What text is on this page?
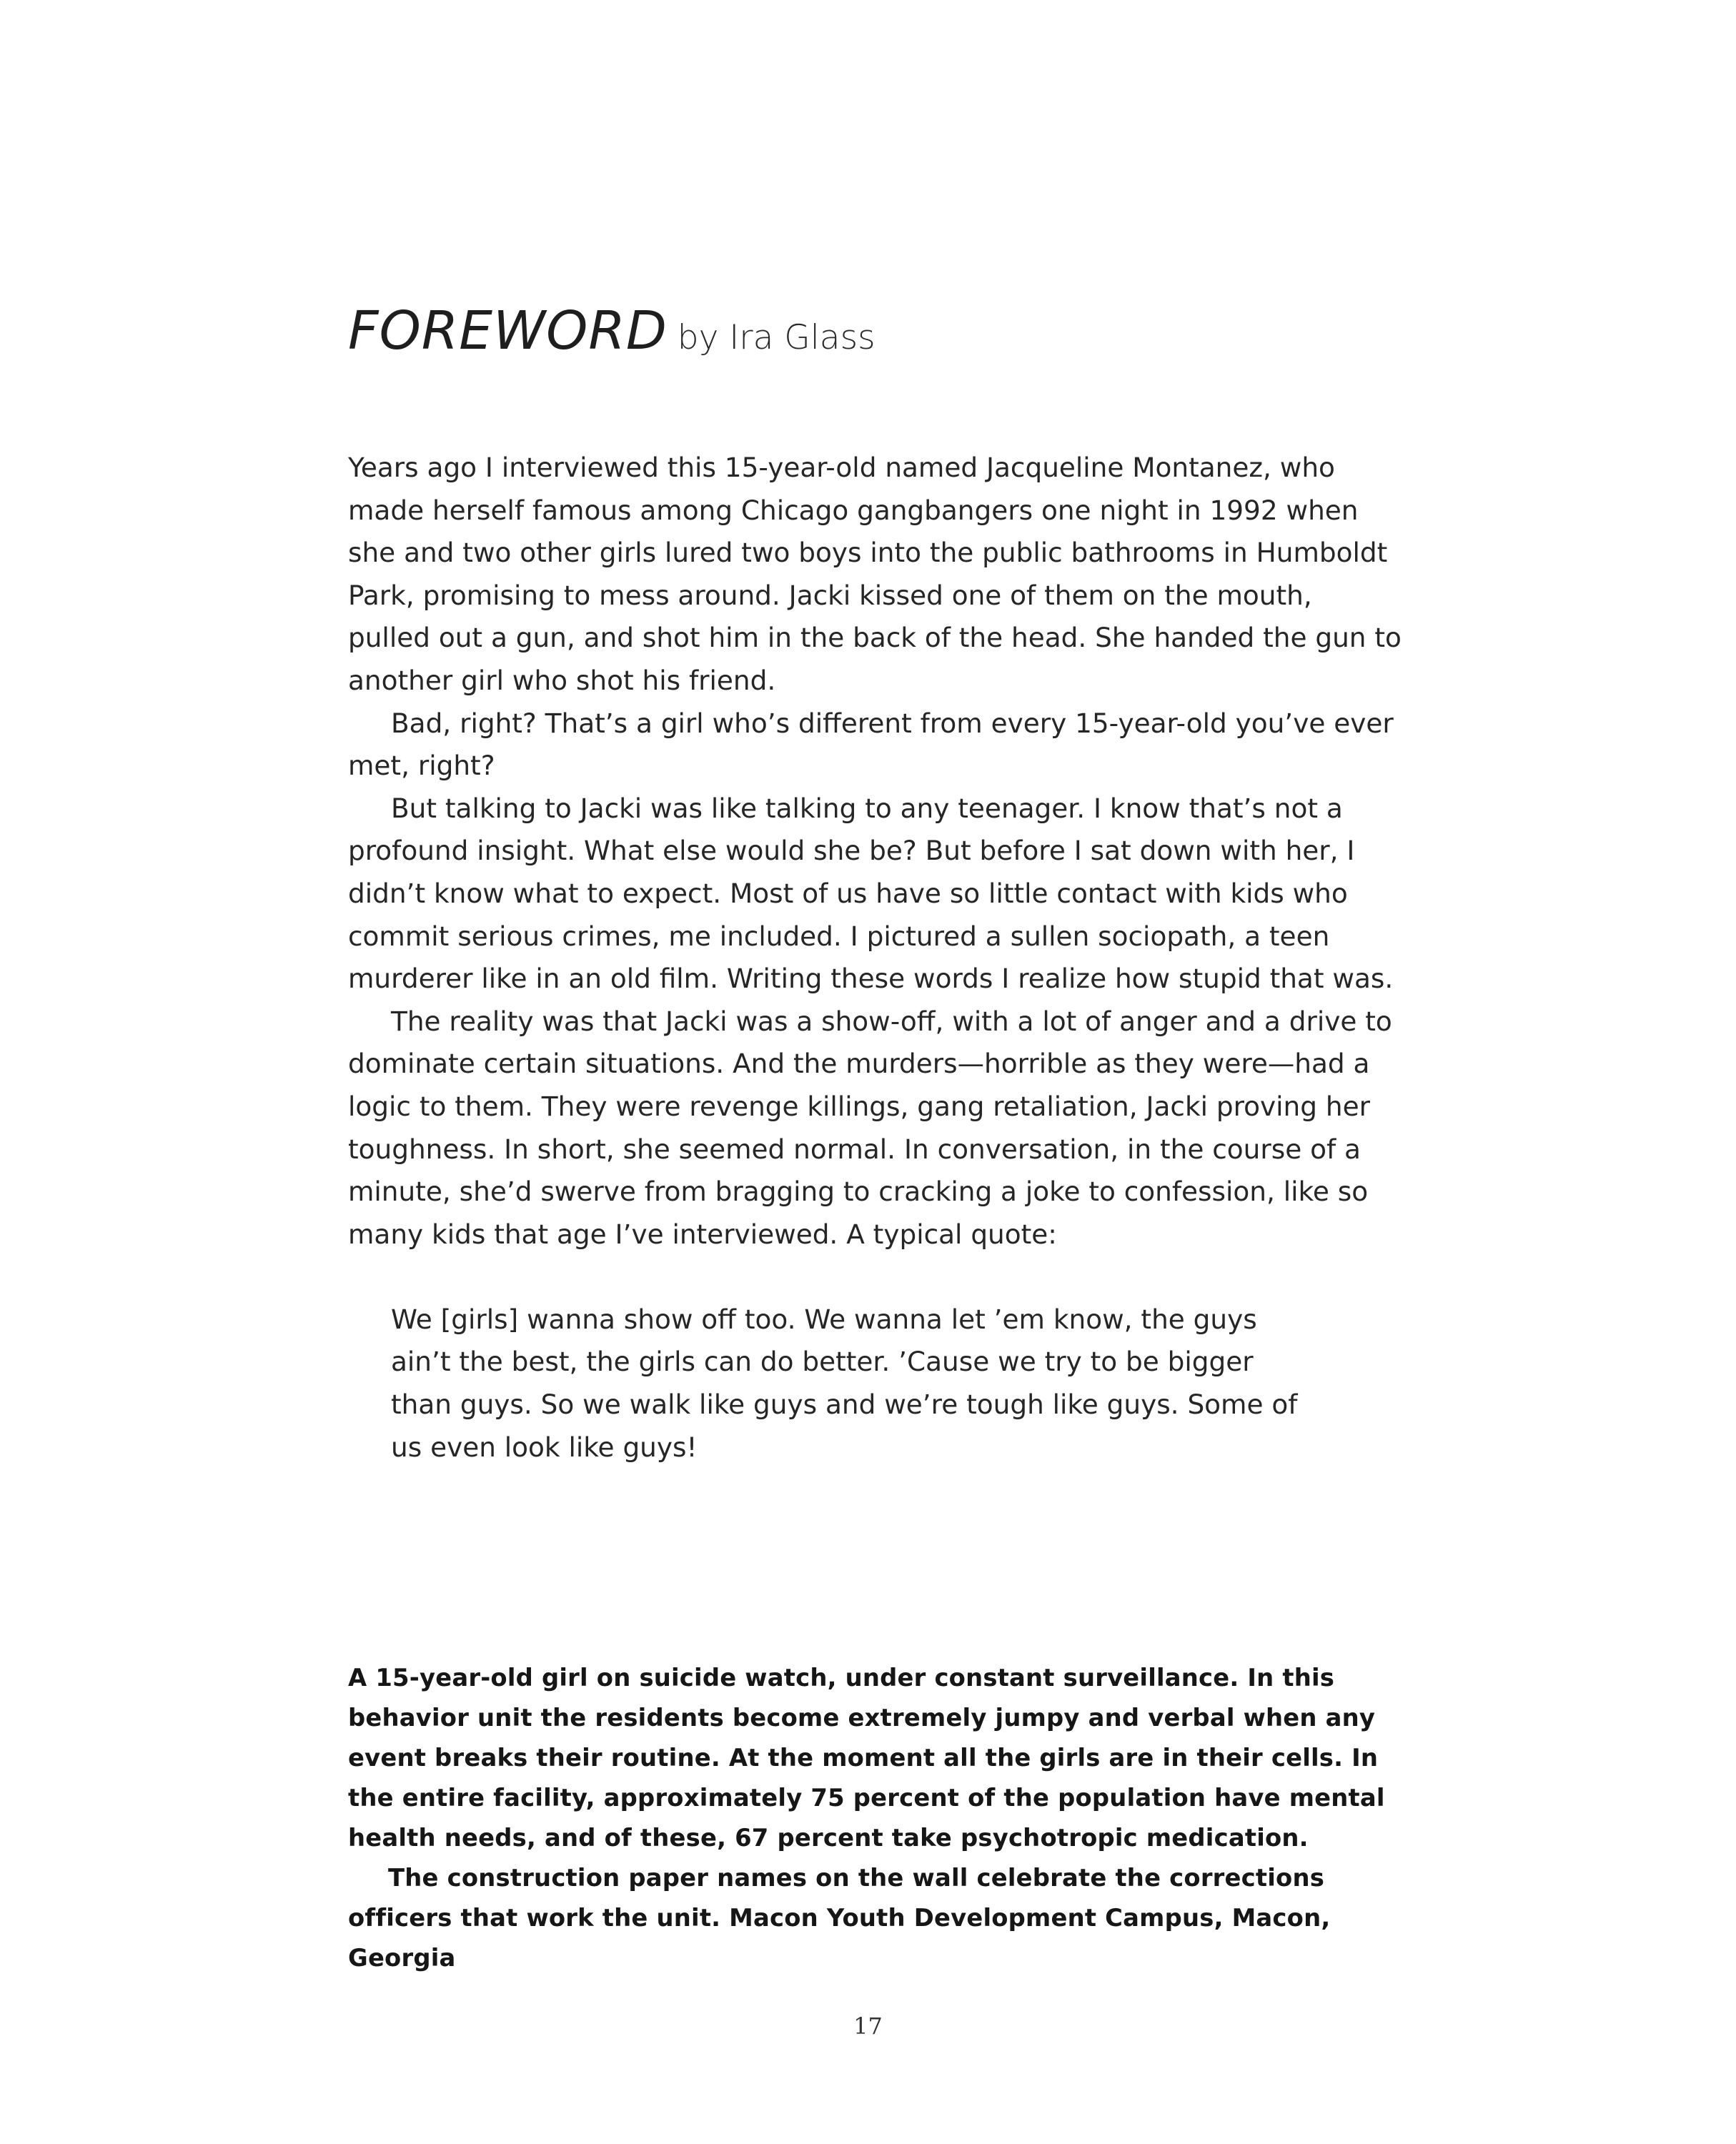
FOREWORD by Ira Glass

Years ago I interviewed this 15-year-old named Jacqueline Montanez, who made herself famous among Chicago gangbangers one night in 1992 when she and two other girls lured two boys into the public bathrooms in Humboldt Park, promising to mess around. Jacki kissed one of them on the mouth, pulled out a gun, and shot him in the back of the head. She handed the gun to another girl who shot his friend.

Bad, right? That’s a girl who’s different from every 15-year-old you’ve ever met, right?

But talking to Jacki was like talking to any teenager. I know that’s not a profound insight. What else would she be? But before I sat down with her, I didn’t know what to expect. Most of us have so little contact with kids who commit serious crimes, me included. I pictured a sullen sociopath, a teen murderer like in an old film. Writing these words I realize how stupid that was.

The reality was that Jacki was a show-off, with a lot of anger and a drive to dominate certain situations. And the murders—horrible as they were—had a logic to them. They were revenge killings, gang retaliation, Jacki proving her toughness. In short, she seemed normal. In conversation, in the course of a minute, she’d swerve from bragging to cracking a joke to confession, like so many kids that age I’ve interviewed. A typical quote:

We [girls] wanna show off too. We wanna let ’em know, the guys ain’t the best, the girls can do better. ’Cause we try to be bigger than guys. So we walk like guys and we’re tough like guys. Some of us even look like guys!

A 15-year-old girl on suicide watch, under constant surveillance. In this behavior unit the residents become extremely jumpy and verbal when any event breaks their routine. At the moment all the girls are in their cells. In the entire facility, approximately 75 percent of the population have mental health needs, and of these, 67 percent take psychotropic medication.

The construction paper names on the wall celebrate the corrections officers that work the unit. Macon Youth Development Campus, Macon, Georgia

17
